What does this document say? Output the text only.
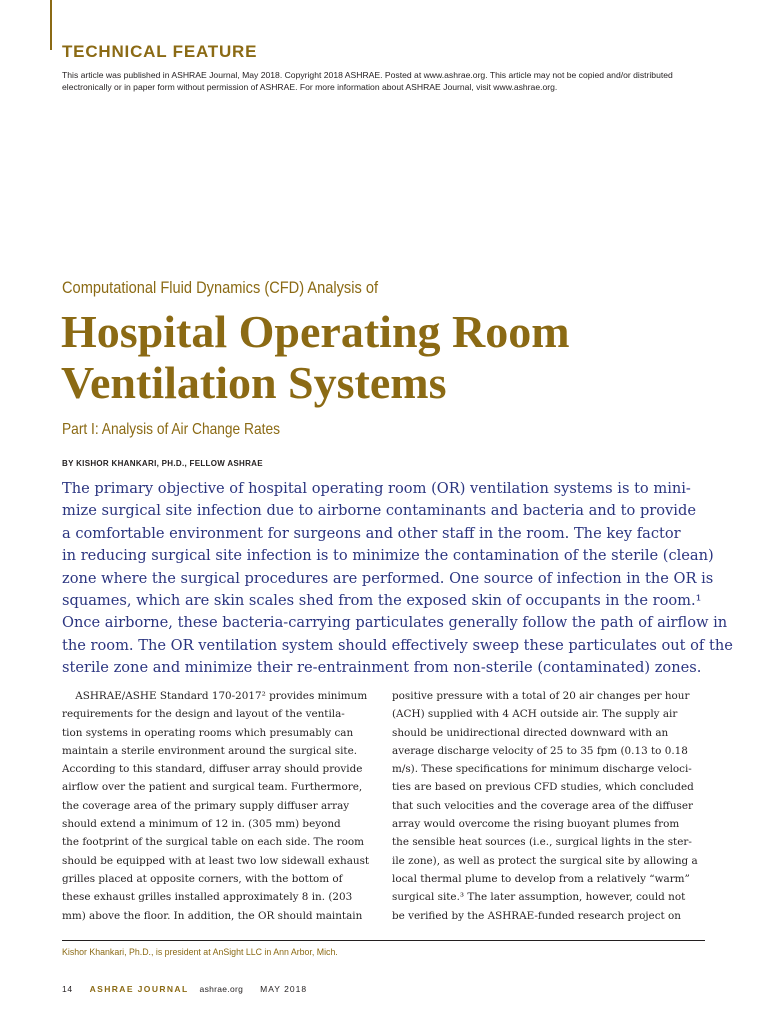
TECHNICAL FEATURE

This article was published in ASHRAE Journal, May 2018. Copyright 2018 ASHRAE. Posted at www.ashrae.org. This article may not be copied and/or distributed electronically or in paper form without permission of ASHRAE. For more information about ASHRAE Journal, visit www.ashrae.org.

Computational Fluid Dynamics (CFD) Analysis of

Hospital Operating Room
Ventilation Systems

Part I: Analysis of Air Change Rates

BY KISHOR KHANKARI, PH.D., FELLOW ASHRAE

The primary objective of hospital operating room (OR) ventilation systems is to mini-
mize surgical site infection due to airborne contaminants and bacteria and to provide
a comfortable environment for surgeons and other staff in the room. The key factor
in reducing surgical site infection is to minimize the contamination of the sterile (clean)
zone where the surgical procedures are performed. One source of infection in the OR is
squames, which are skin scales shed from the exposed skin of occupants in the room.¹
Once airborne, these bacteria-carrying particulates generally follow the path of airflow in
the room. The OR ventilation system should effectively sweep these particulates out of the
sterile zone and minimize their re-entrainment from non-sterile (contaminated) zones.
ASHRAE/ASHE Standard 170-2017² provides minimum
requirements for the design and layout of the ventila-
tion systems in operating rooms which presumably can
maintain a sterile environment around the surgical site.
According to this standard, diffuser array should provide
airflow over the patient and surgical team. Furthermore,
the coverage area of the primary supply diffuser array
should extend a minimum of 12 in. (305 mm) beyond
the footprint of the surgical table on each side. The room
should be equipped with at least two low sidewall exhaust
grilles placed at opposite corners, with the bottom of
these exhaust grilles installed approximately 8 in. (203
mm) above the floor. In addition, the OR should maintain
positive pressure with a total of 20 air changes per hour
(ACH) supplied with 4 ACH outside air. The supply air
should be unidirectional directed downward with an
average discharge velocity of 25 to 35 fpm (0.13 to 0.18
m/s). These specifications for minimum discharge veloci-
ties are based on previous CFD studies, which concluded
that such velocities and the coverage area of the diffuser
array would overcome the rising buoyant plumes from
the sensible heat sources (i.e., surgical lights in the ster-
ile zone), as well as protect the surgical site by allowing a
local thermal plume to develop from a relatively “warm”
surgical site.³ The later assumption, however, could not
be verified by the ASHRAE-funded research project on

Kishor Khankari, Ph.D., is president at AnSight LLC in Ann Arbor, Mich.

14 ASHRAE JOURNAL ashrae.org MAY 2018
